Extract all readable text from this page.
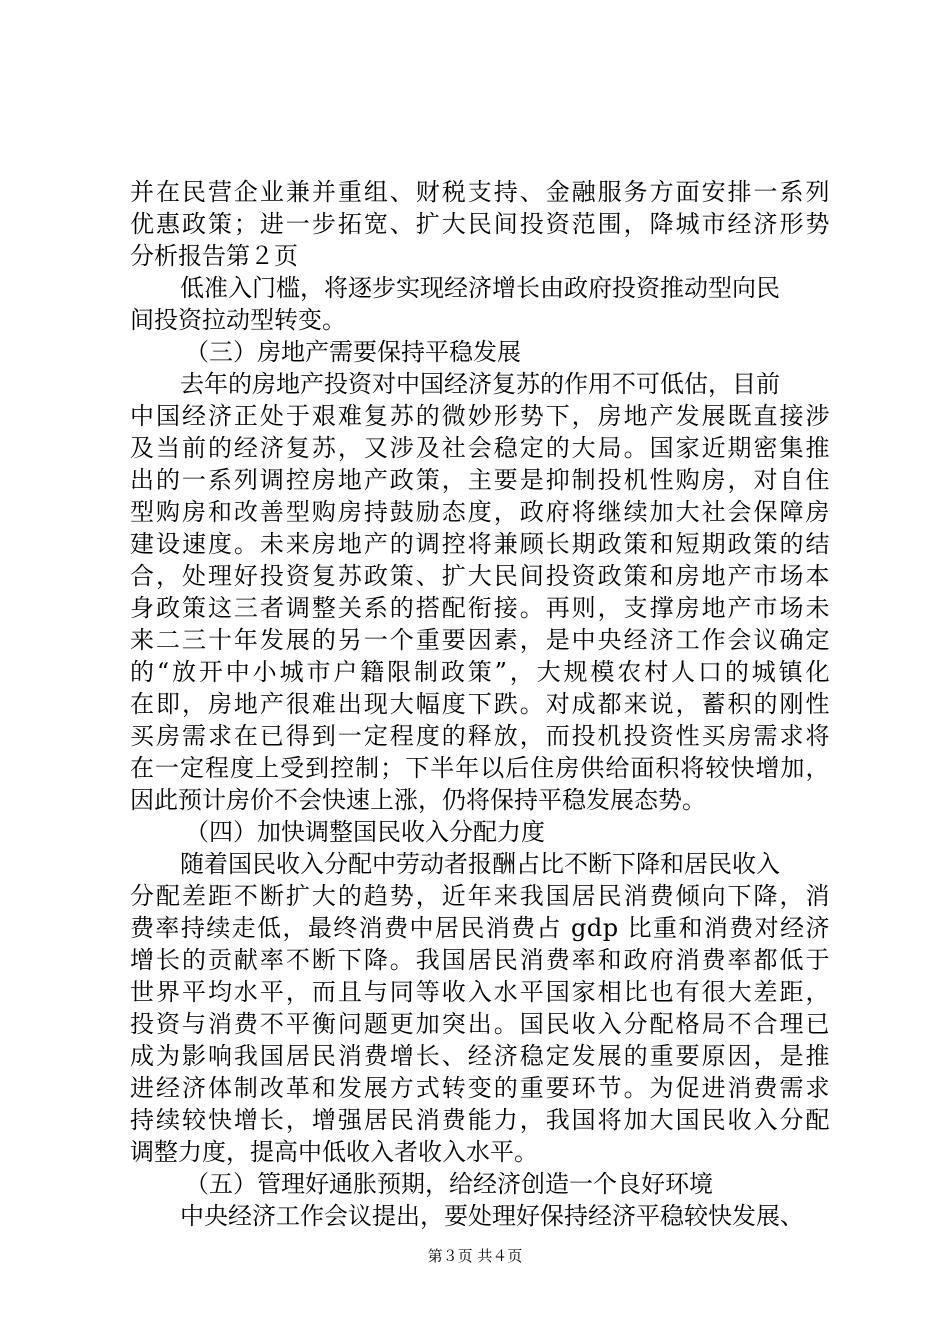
并在民营企业兼并重组、财税支持、金融服务方面安排一系列
优惠政策；进一步拓宽、扩大民间投资范围，降城市经济形势
分析报告第２页
低准入门槛，将逐步实现经济增长由政府投资推动型向民
间投资拉动型转变。
（三）房地产需要保持平稳发展
去年的房地产投资对中国经济复苏的作用不可低估，目前
中国经济正处于艰难复苏的微妙形势下，房地产发展既直接涉
及当前的经济复苏，又涉及社会稳定的大局。国家近期密集推
出的一系列调控房地产政策，主要是抑制投机性购房，对自住
型购房和改善型购房持鼓励态度，政府将继续加大社会保障房
建设速度。未来房地产的调控将兼顾长期政策和短期政策的结
合，处理好投资复苏政策、扩大民间投资政策和房地产市场本
身政策这三者调整关系的搭配衔接。再则，支撑房地产市场未
来二三十年发展的另一个重要因素，是中央经济工作会议确定
的“放开中小城市户籍限制政策”，大规模农村人口的城镇化
在即，房地产很难出现大幅度下跌。对成都来说，蓄积的刚性
买房需求在已得到一定程度的释放，而投机投资性买房需求将
在一定程度上受到控制；下半年以后住房供给面积将较快增加，
因此预计房价不会快速上涨，仍将保持平稳发展态势。
（四）加快调整国民收入分配力度
随着国民收入分配中劳动者报酬占比不断下降和居民收入
分配差距不断扩大的趋势，近年来我国居民消费倾向下降，消
费率持续走低，最终消费中居民消费占 gdp 比重和消费对经济
增长的贡献率不断下降。我国居民消费率和政府消费率都低于
世界平均水平，而且与同等收入水平国家相比也有很大差距，
投资与消费不平衡问题更加突出。国民收入分配格局不合理已
成为影响我国居民消费增长、经济稳定发展的重要原因，是推
进经济体制改革和发展方式转变的重要环节。为促进消费需求
持续较快增长，增强居民消费能力，我国将加大国民收入分配
调整力度，提高中低收入者收入水平。
（五）管理好通胀预期，给经济创造一个良好环境
中央经济工作会议提出，要处理好保持经济平稳较快发展、
第３页 共４页
